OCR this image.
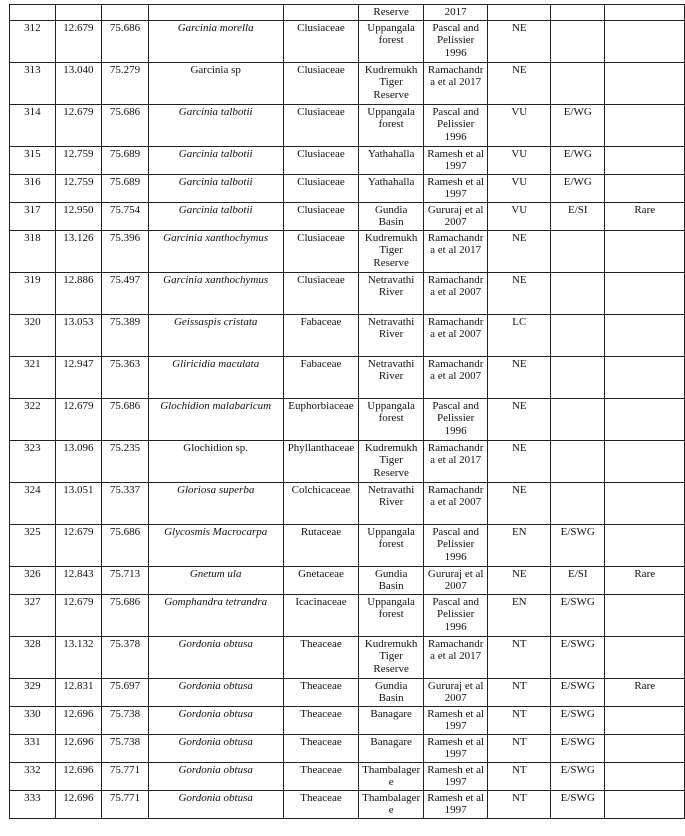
					Reserve	2017			
312	12.679	75.686	Garcinia morella	Clusiaceae	Uppangala forest	Pascal and Pelissier 1996	NE		
313	13.040	75.279	Garcinia sp	Clusiaceae	Kudremukh Tiger Reserve	Ramachandra et al 2017	NE		
314	12.679	75.686	Garcinia talbotii	Clusiaceae	Uppangala forest	Pascal and Pelissier 1996	VU	E/WG	
315	12.759	75.689	Garcinia talbotii	Clusiaceae	Yathahalla	Ramesh et al 1997	VU	E/WG	
316	12.759	75.689	Garcinia talbotii	Clusiaceae	Yathahalla	Ramesh et al 1997	VU	E/WG	
317	12.950	75.754	Garcinia talbotii	Clusiaceae	Gundia Basin	Gururaj et al 2007	VU	E/SI	Rare
318	13.126	75.396	Garcinia xanthochymus	Clusiaceae	Kudremukh Tiger Reserve	Ramachandra et al 2017	NE		
319	12.886	75.497	Garcinia xanthochymus	Clusiaceae	Netravathi River	Ramachandra et al 2007	NE		
320	13.053	75.389	Geissaspis cristata	Fabaceae	Netravathi River	Ramachandra et al 2007	LC		
321	12.947	75.363	Gliricidia maculata	Fabaceae	Netravathi River	Ramachandra et al 2007	NE		
322	12.679	75.686	Glochidion malabaricum	Euphorbiaceae	Uppangala forest	Pascal and Pelissier 1996	NE		
323	13.096	75.235	Glochidion sp.	Phyllanthaceae	Kudremukh Tiger Reserve	Ramachandra et al 2017	NE		
324	13.051	75.337	Gloriosa superba	Colchicaceae	Netravathi River	Ramachandra et al 2007	NE		
325	12.679	75.686	Glycosmis Macrocarpa	Rutaceae	Uppangala forest	Pascal and Pelissier 1996	EN	E/SWG	
326	12.843	75.713	Gnetum ula	Gnetaceae	Gundia Basin	Gururaj et al 2007	NE	E/SI	Rare
327	12.679	75.686	Gomphandra tetrandra	Icacinaceae	Uppangala forest	Pascal and Pelissier 1996	EN	E/SWG	
328	13.132	75.378	Gordonia obtusa	Theaceae	Kudremukh Tiger Reserve	Ramachandra et al 2017	NT	E/SWG	
329	12.831	75.697	Gordonia obtusa	Theaceae	Gundia Basin	Gururaj et al 2007	NT	E/SWG	Rare
330	12.696	75.738	Gordonia obtusa	Theaceae	Banagare	Ramesh et al 1997	NT	E/SWG	
331	12.696	75.738	Gordonia obtusa	Theaceae	Banagare	Ramesh et al 1997	NT	E/SWG	
332	12.696	75.771	Gordonia obtusa	Theaceae	Thambalagere	Ramesh et al 1997	NT	E/SWG	
333	12.696	75.771	Gordonia obtusa	Theaceae	Thambalagere	Ramesh et al 1997	NT	E/SWG	
